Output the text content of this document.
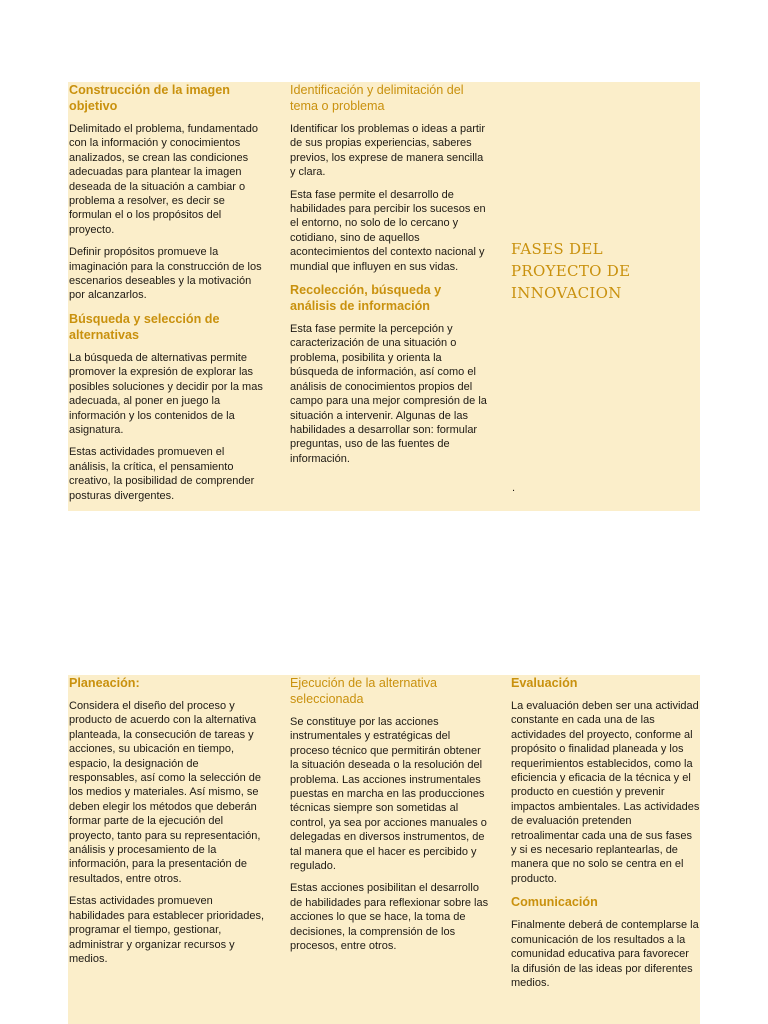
Construcción de la imagen objetivo
Delimitado el problema, fundamentado con la información y conocimientos analizados, se crean las condiciones adecuadas para plantear la imagen deseada de la situación a cambiar o problema a resolver, es decir se formulan el o los propósitos del proyecto.
Definir propósitos promueve la imaginación para la construcción de los escenarios deseables y la motivación por alcanzarlos.
Búsqueda y selección de alternativas
La búsqueda de alternativas permite promover la expresión de explorar las posibles soluciones y decidir por la mas adecuada, al poner en juego la información y los contenidos de la asignatura.
Estas actividades promueven el análisis, la crítica, el pensamiento creativo, la posibilidad de comprender posturas divergentes.
Identificación y delimitación del tema o problema
Identificar los problemas o ideas a partir de sus propias experiencias, saberes previos, los exprese de manera sencilla y clara.
Esta fase permite el desarrollo de habilidades para percibir los sucesos en el entorno, no solo de lo cercano y cotidiano, sino de aquellos acontecimientos del contexto nacional y mundial que influyen en sus vidas.
Recolección, búsqueda y análisis de información
Esta fase permite la percepción y caracterización de una situación o problema, posibilita y orienta la búsqueda de información, así como el análisis de conocimientos propios del campo para una mejor compresión de la situación a intervenir. Algunas de las habilidades a desarrollar son: formular preguntas, uso de las fuentes de información.
FASES DEL PROYECTO DE INNOVACION
.
Planeación:
Considera el diseño del proceso y producto de acuerdo con la alternativa planteada, la consecución de tareas y acciones, su ubicación en tiempo, espacio, la designación de responsables, así como la selección de los medios y materiales. Así mismo, se deben elegir los métodos que deberán formar parte de la ejecución del proyecto, tanto para su representación, análisis y procesamiento de la información, para la presentación de resultados, entre otros.
Estas actividades promueven habilidades para establecer prioridades, programar el tiempo, gestionar, administrar y organizar recursos y medios.
Ejecución de la alternativa seleccionada
Se constituye por las acciones instrumentales y estratégicas del proceso técnico que permitirán obtener la situación deseada o la resolución del problema. Las acciones instrumentales puestas en marcha en las producciones técnicas siempre son sometidas al control, ya sea por acciones manuales o delegadas en diversos instrumentos, de tal manera que el hacer es percibido y regulado.
Estas acciones posibilitan el desarrollo de habilidades para reflexionar sobre las acciones lo que se hace, la toma de decisiones, la comprensión de los procesos, entre otros.
Evaluación
La evaluación deben ser una actividad constante en cada una de las actividades del proyecto, conforme al propósito o finalidad planeada y los requerimientos establecidos, como la eficiencia y eficacia de la técnica y el producto en cuestión y prevenir impactos ambientales. Las actividades de evaluación pretenden retroalimentar cada una de sus fases y si es necesario replantearlas, de manera que no solo se centra en el producto.
Comunicación
Finalmente deberá de contemplarse la comunicación de los resultados a la comunidad educativa para favorecer la difusión de las ideas por diferentes medios.
